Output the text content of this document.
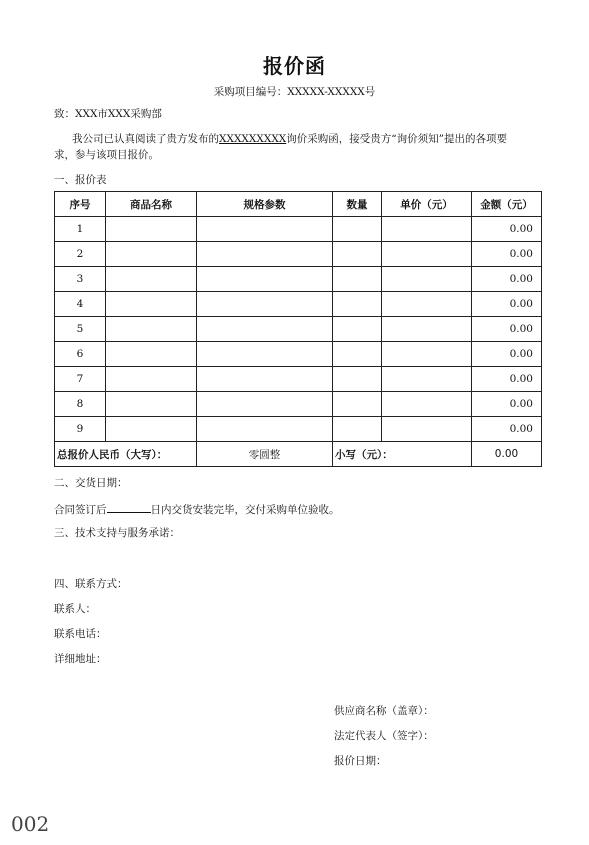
报价函
采购项目编号：XXXXX-XXXXX号
致：XXX市XXX采购部
我公司已认真阅读了贵方发布的XXXXXXXXX询价采购函，接受贵方“询价须知”提出的各项要
求，参与该项目报价。
一、报价表
序号	商品名称	规格参数	数量	单价（元）	金额（元）
1					0.00
2					0.00
3					0.00
4					0.00
5					0.00
6					0.00
7					0.00
8					0.00
9					0.00
总报价人民币（大写）：		零圆整	小写（元）：		0.00
二、交货日期：
合同签订后	日内交货安装完毕，交付采购单位验收。
三、技术支持与服务承诺：
四、联系方式：
联系人：
联系电话：
详细地址：
供应商名称（盖章）：
法定代表人（签字）：
报价日期：
002
